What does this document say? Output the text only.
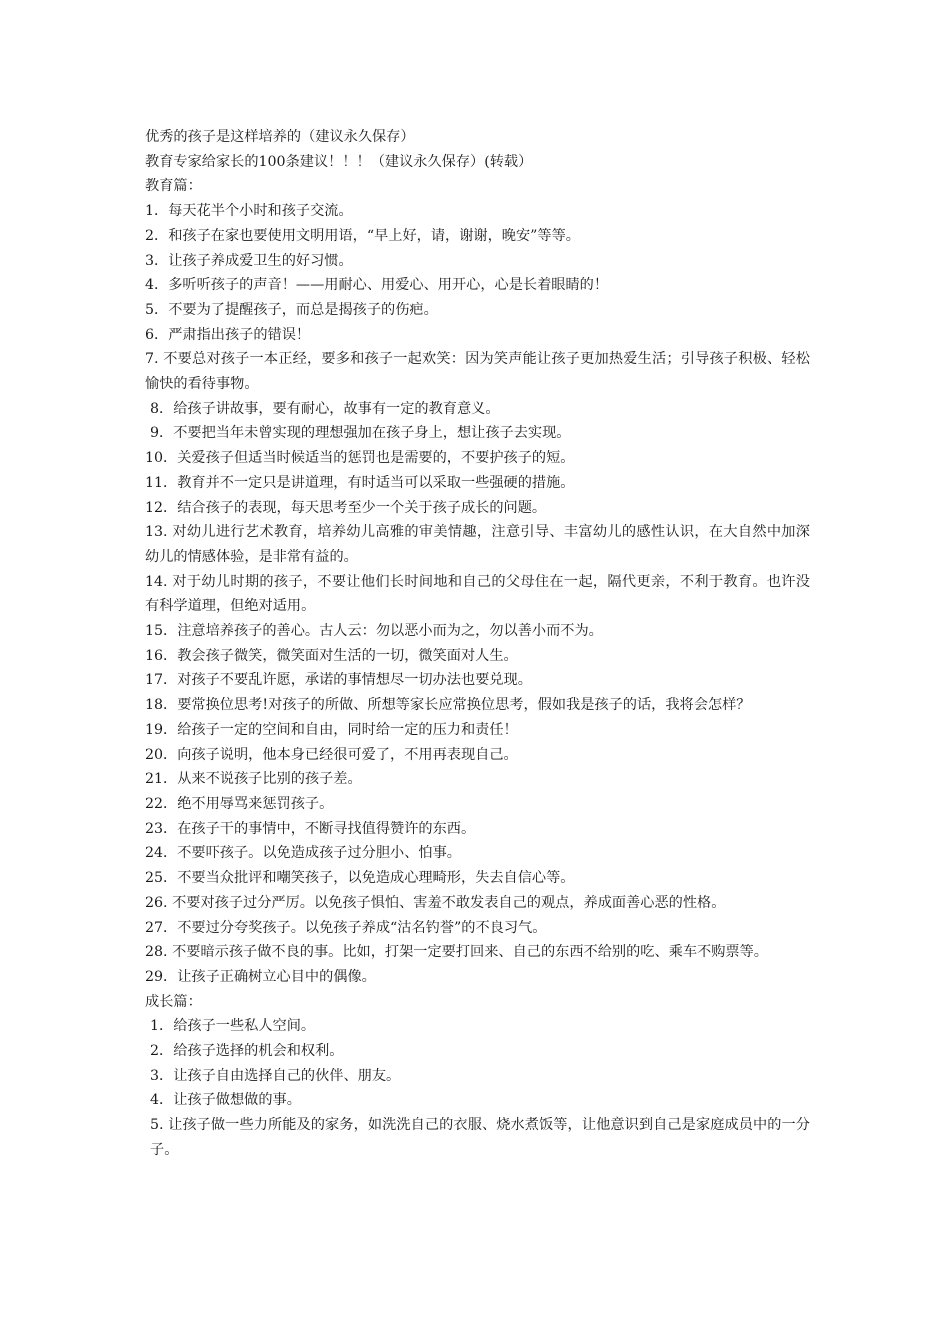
优秀的孩子是这样培养的（建议永久保存）

教育专家给家长的100条建议！！！（建议永久保存）(转载）

教育篇：

1．每天花半个小时和孩子交流。

2．和孩子在家也要使用文明用语，“早上好，请，谢谢，晚安”等等。

3．让孩子养成爱卫生的好习惯。

4．多听听孩子的声音！——用耐心、用爱心、用开心，心是长着眼睛的！

5．不要为了提醒孩子，而总是揭孩子的伤疤。

6．严肃指出孩子的错误！

7. 不要总对孩子一本正经，要多和孩子一起欢笑：因为笑声能让孩子更加热爱生活；引导孩子积极、轻松愉快的看待事物。

8．给孩子讲故事，要有耐心，故事有一定的教育意义。

9．不要把当年未曾实现的理想强加在孩子身上，想让孩子去实现。

10．关爱孩子但适当时候适当的惩罚也是需要的，不要护孩子的短。

11．教育并不一定只是讲道理，有时适当可以采取一些强硬的措施。

12．结合孩子的表现，每天思考至少一个关于孩子成长的问题。

13. 对幼儿进行艺术教育，培养幼儿高雅的审美情趣，注意引导、丰富幼儿的感性认识，在大自然中加深幼儿的情感体验，是非常有益的。

14. 对于幼儿时期的孩子，不要让他们长时间地和自己的父母住在一起，隔代更亲，不利于教育。也许没有科学道理，但绝对适用。

15．注意培养孩子的善心。古人云：勿以恶小而为之，勿以善小而不为。

16．教会孩子微笑，微笑面对生活的一切，微笑面对人生。

17．对孩子不要乱许愿，承诺的事情想尽一切办法也要兑现。

18．要常换位思考!对孩子的所做、所想等家长应常换位思考，假如我是孩子的话，我将会怎样？

19．给孩子一定的空间和自由，同时给一定的压力和责任！

20．向孩子说明，他本身已经很可爱了，不用再表现自己。

21．从来不说孩子比别的孩子差。

22．绝不用辱骂来惩罚孩子。

23．在孩子干的事情中，不断寻找值得赞许的东西。

24．不要吓孩子。以免造成孩子过分胆小、怕事。

25．不要当众批评和嘲笑孩子，以免造成心理畸形，失去自信心等。

26. 不要对孩子过分严厉。以免孩子惧怕、害羞不敢发表自己的观点，养成面善心恶的性格。

27．不要过分夸奖孩子。以免孩子养成“沽名钓誉”的不良习气。

28. 不要暗示孩子做不良的事。比如，打架一定要打回来、自己的东西不给别的吃、乘车不购票等。

29．让孩子正确树立心目中的偶像。

成长篇：

1．给孩子一些私人空间。

2．给孩子选择的机会和权利。

3．让孩子自由选择自己的伙伴、朋友。

4．让孩子做想做的事。

5. 让孩子做一些力所能及的家务，如洗洗自己的衣服、烧水煮饭等，让他意识到自己是家庭成员中的一分子。
